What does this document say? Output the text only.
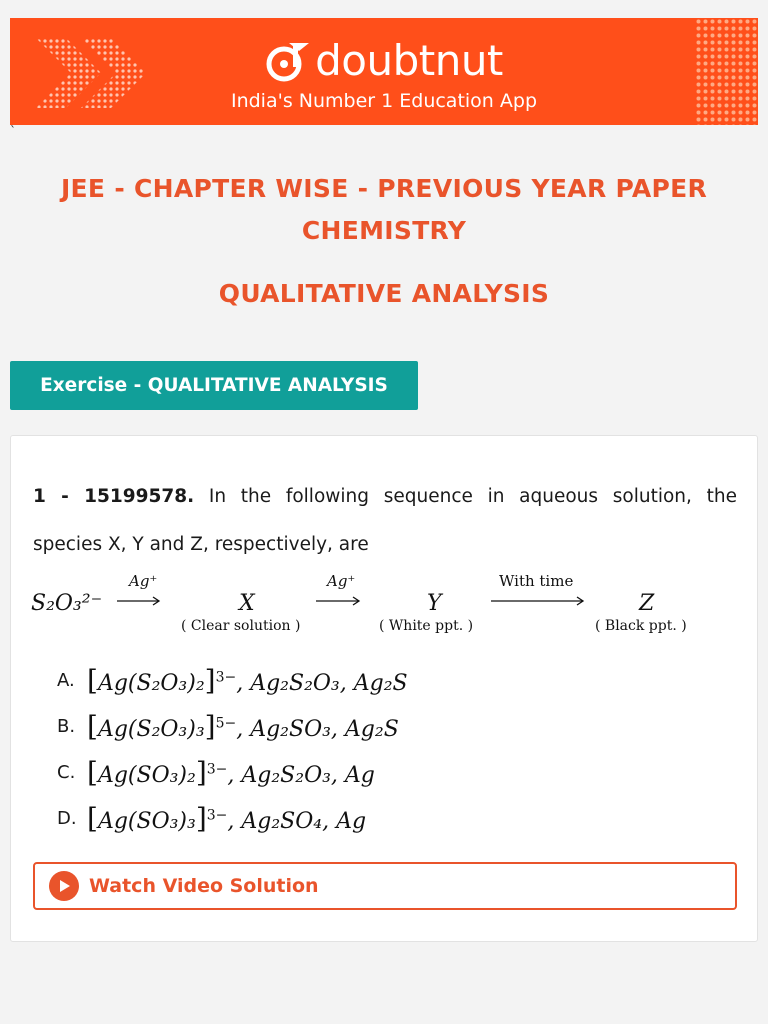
doubtnut
India's Number 1 Education App
`
JEE - CHAPTER WISE - PREVIOUS YEAR PAPER
CHEMISTRY
QUALITATIVE ANALYSIS
Exercise - QUALITATIVE ANALYSIS
1 - 15199578. In the following sequence in aqueous solution, the
species X, Y and Z, respectively, are
S₂O₃²⁻
Ag⁺
X
( Clear solution )
Ag⁺
Y
( White ppt. )
With time
Z
( Black ppt. )
A. $[Ag(S_2O_3)_2]^{3-}$, Ag₂S₂O₃, Ag₂S
B. $[Ag(S_2O_3)_3]^{5-}$, Ag₂SO₃, Ag₂S
C. $[Ag(SO_3)_2]^{3-}$, Ag₂S₂O₃, Ag
D. $[Ag(SO_3)_3]^{3-}$, Ag₂SO₄, Ag
Watch Video Solution
